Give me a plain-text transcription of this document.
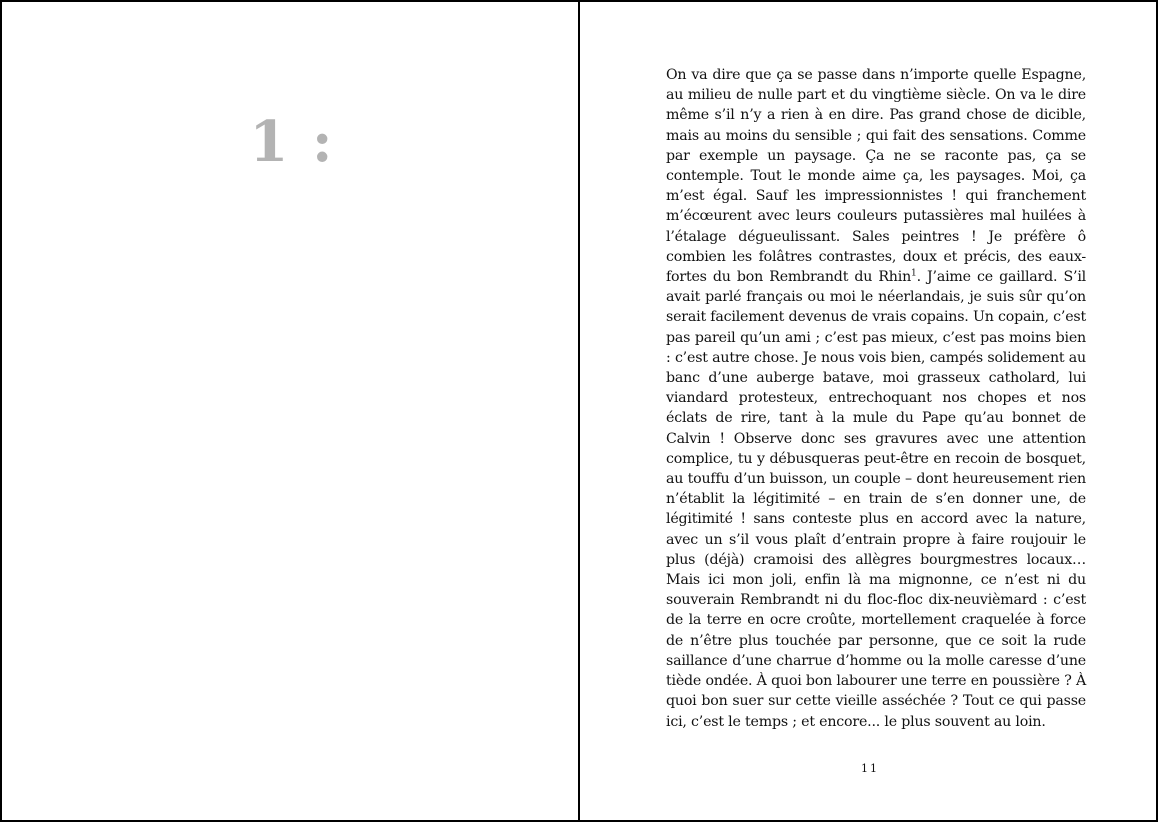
1 :

On va dire que ça se passe dans n’importe quelle Espagne, au milieu de nulle part et du vingtième siècle. On va le dire même s’il n’y a rien à en dire. Pas grand chose de dicible, mais au moins du sensible ; qui fait des sensations. Comme par exemple un paysage. Ça ne se raconte pas, ça se contemple. Tout le monde aime ça, les paysages. Moi, ça m’est égal. Sauf les impressionnistes ! qui franchement m’écœurent avec leurs couleurs putassières mal huilées à l’étalage dégueulissant. Sales peintres ! Je préfère ô combien les folâtres contrastes, doux et précis, des eaux-fortes du bon Rembrandt du Rhin$^1$. J’aime ce gaillard. S’il avait parlé français ou moi le néerlandais, je suis sûr qu’on serait facilement devenus de vrais copains. Un copain, c’est pas pareil qu’un ami ; c’est pas mieux, c’est pas moins bien : c’est autre chose. Je nous vois bien, campés solidement au banc d’une auberge batave, moi grasseux catholard, lui viandard protesteux, entrechoquant nos chopes et nos éclats de rire, tant à la mule du Pape qu’au bonnet de Calvin ! Observe donc ses gravures avec une attention complice, tu y débusqueras peut-être en recoin de bosquet, au touffu d’un buisson, un couple – dont heureusement rien n’établit la légitimité – en train de s’en donner une, de légitimité ! sans conteste plus en accord avec la nature, avec un s’il vous plaît d’entrain propre à faire roujouir le plus (déjà) cramoisi des allègres bourgmestres locaux… Mais ici mon joli, enfin là ma mignonne, ce n’est ni du souverain Rembrandt ni du floc-floc dix-neuvièmard : c’est de la terre en ocre croûte, mortellement craquelée à force de n’être plus touchée par personne, que ce soit la rude saillance d’une charrue d’homme ou la molle caresse d’une tiède ondée. À quoi bon labourer une terre en poussière ? À quoi bon suer sur cette vieille asséchée ? Tout ce qui passe ici, c’est le temps ; et encore... le plus souvent au loin.

11
